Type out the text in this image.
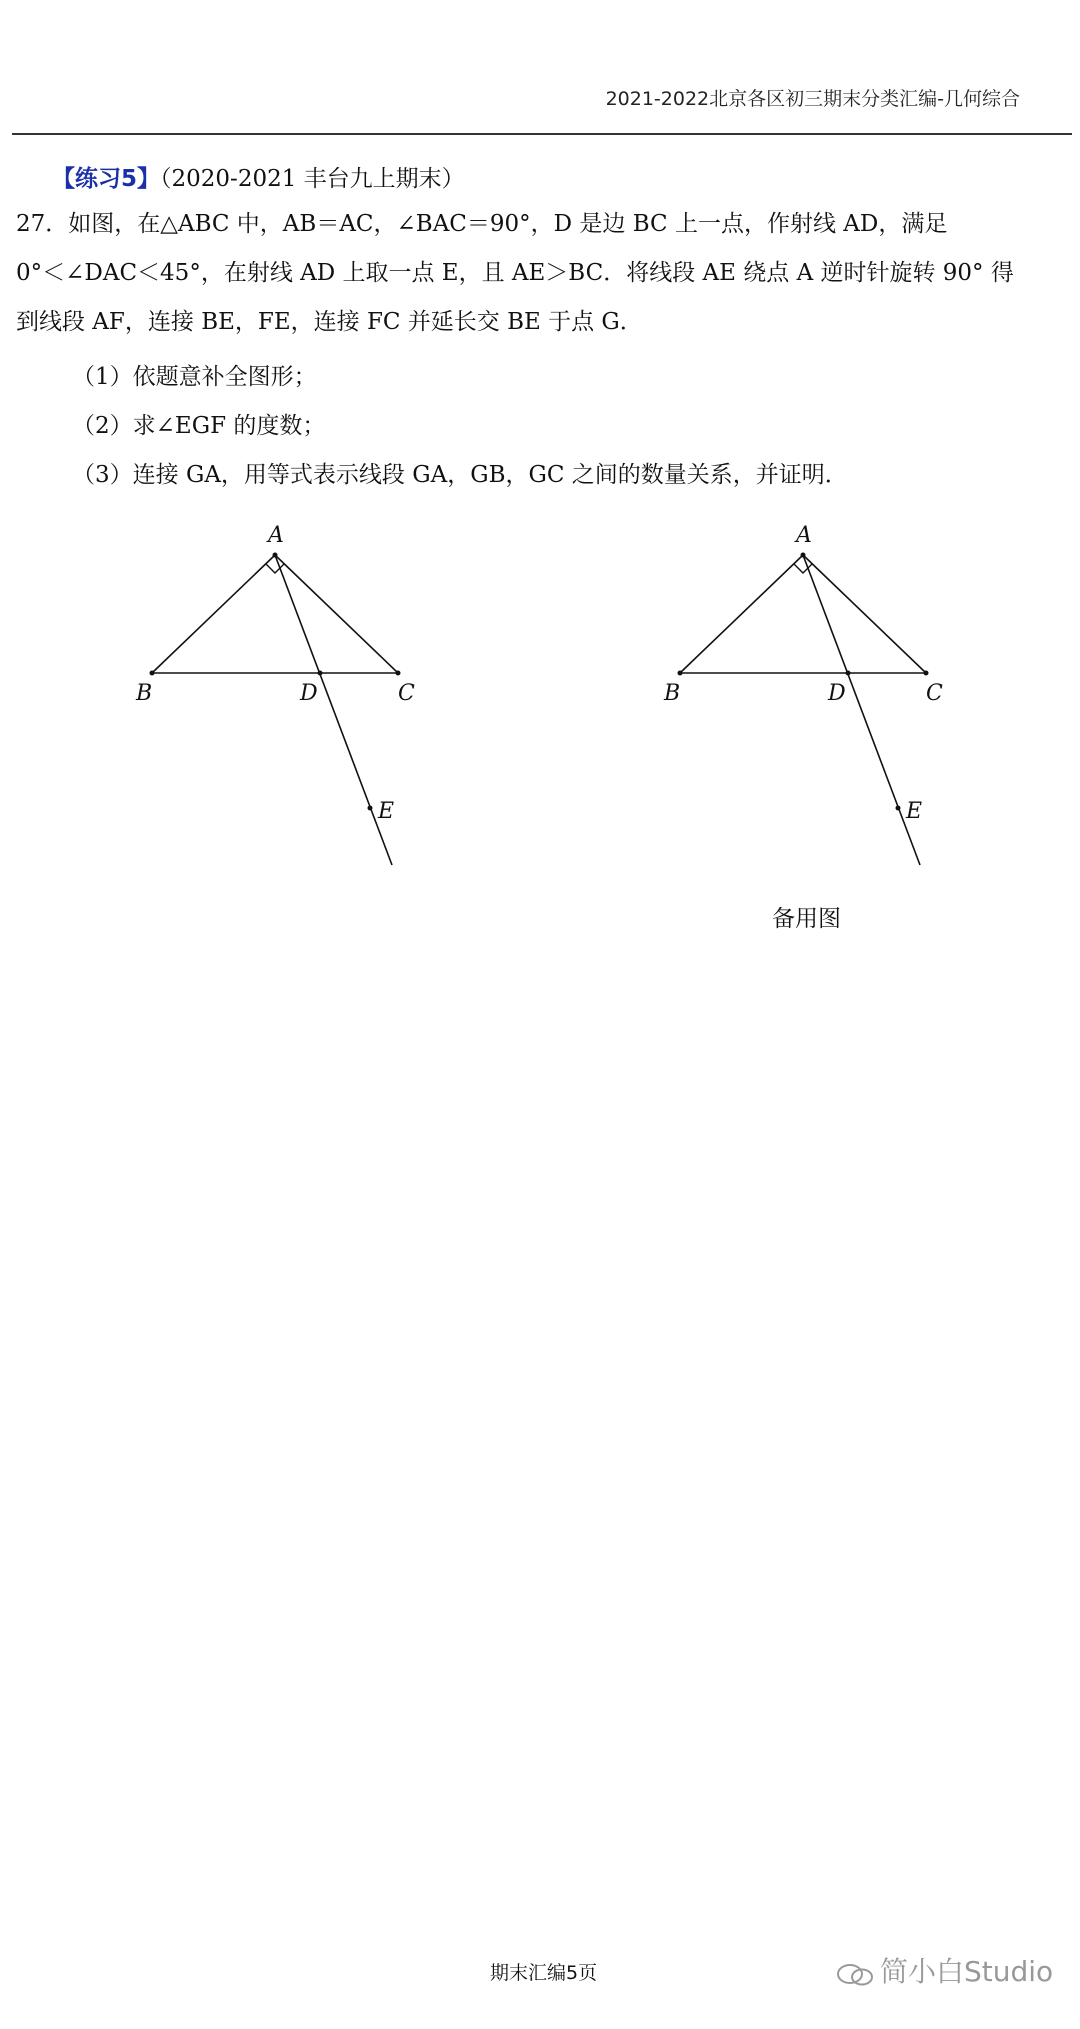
2021-2022北京各区初三期末分类汇编-几何综合
【练习5】（2020-2021 丰台九上期末）
27．如图，在△ABC 中，AB＝AC，∠BAC＝90°，D 是边 BC 上一点，作射线 AD，满足
0°＜∠DAC＜45°，在射线 AD 上取一点 E，且 AE＞BC．将线段 AE 绕点 A 逆时针旋转 90° 得
到线段 AF，连接 BE，FE，连接 FC 并延长交 BE 于点 G．
（1）依题意补全图形；
（2）求∠EGF 的度数；
（3）连接 GA，用等式表示线段 GA，GB，GC 之间的数量关系，并证明．
A
B	D	C
E
A
B	D	C
E
备用图
期末汇编5页	简小白Studio
